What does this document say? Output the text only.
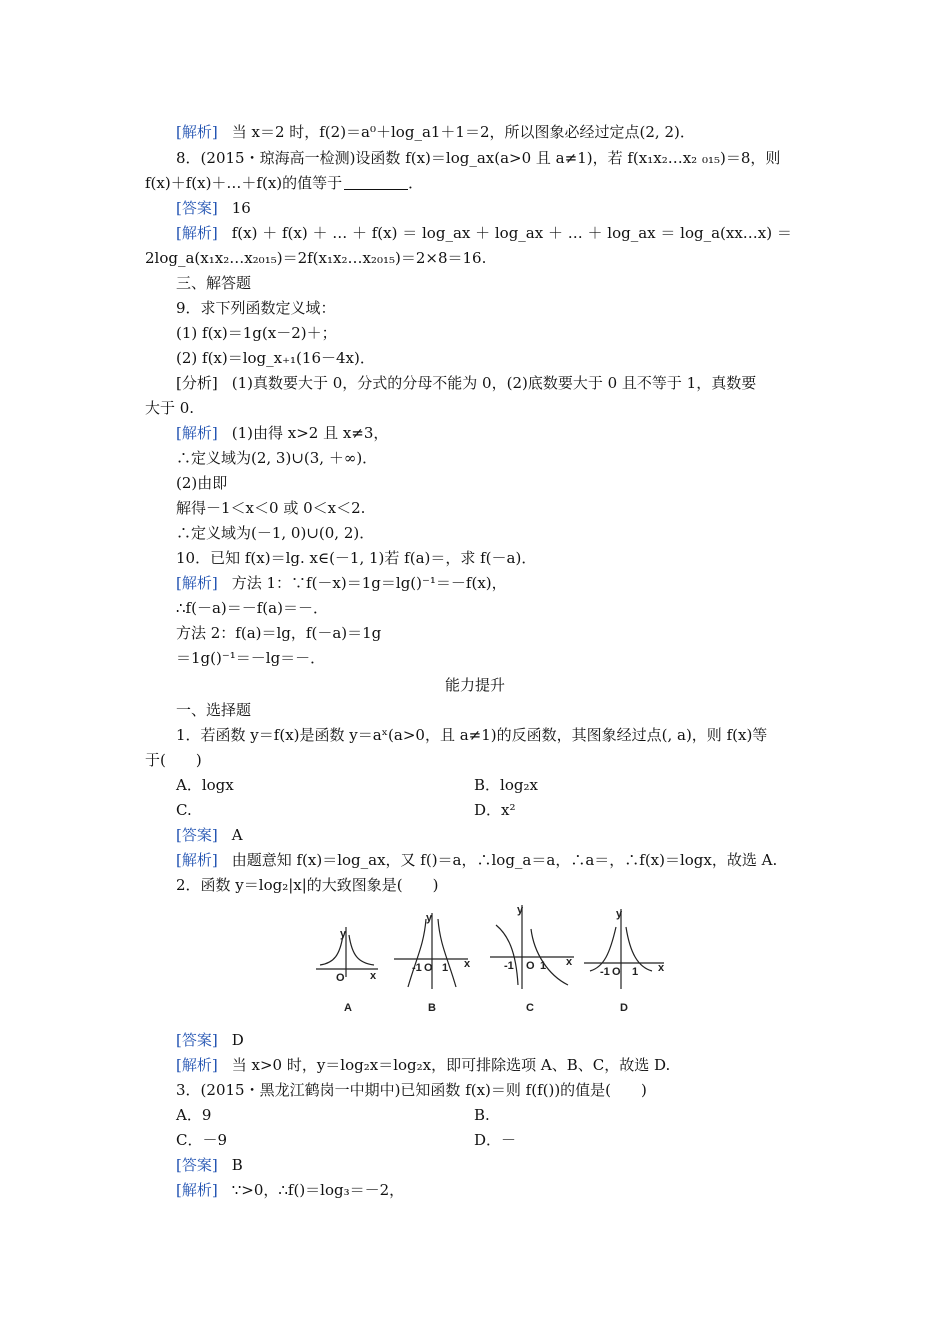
[解析] 当 x＝2 时，f(2)＝a⁰＋log_a1＋1＝2，所以图象必经过定点(2, 2)．
8．(2015・琼海高一检测)设函数 f(x)＝log_ax(a>0 且 a≠1)，若 f(x₁x₂…x₂ ₀₁₅)＝8，则
f(x)＋f(x)＋…＋f(x)的值等于	．
[答案] 16
[解析] f(x) ＋ f(x) ＋ … ＋ f(x) ＝ log_ax ＋ log_ax ＋ … ＋ log_ax ＝ log_a(xx…x) ＝
2log_a(x₁x₂…x₂₀₁₅)＝2f(x₁x₂…x₂₀₁₅)＝2×8＝16.
三、解答题
9．求下列函数定义域：
(1) f(x)＝1g(x－2)＋；
(2) f(x)＝log_x₊₁(16－4x)．
[分析] (1)真数要大于 0，分式的分母不能为 0，(2)底数要大于 0 且不等于 1，真数要
大于 0.
[解析] (1)由得 x>2 且 x≠3，
∴定义域为(2, 3)∪(3, ＋∞)．
(2)由即
解得－1＜x＜0 或 0＜x＜2.
∴定义域为(－1, 0)∪(0, 2)．
10．已知 f(x)＝lg. x∈(－1, 1)若 f(a)＝，求 f(－a)．
[解析] 方法 1：∵f(－x)＝1g＝lg()⁻¹＝－f(x)，
∴f(－a)＝－f(a)＝－．
方法 2：f(a)＝lg，f(－a)＝1g
＝1g()⁻¹＝－lg＝－．
能力提升
一、选择题
1．若函数 y＝f(x)是函数 y＝aˣ(a>0，且 a≠1)的反函数，其图象经过点(, a)，则 f(x)等
于(　　)
A．logx	B．log₂x
C.	D．x²
[答案] A
[解析] 由题意知 f(x)＝log_ax，又 f()＝a，∴log_a＝a，∴a＝，∴f(x)＝logx，故选 A.
2．函数 y＝log₂|x|的大致图象是(　　)
y
O x
y
-1 O 1 x
y
-1 O 1 x
y
-1 O 1 x
A	B	C	D
[答案] D
[解析] 当 x>0 时，y＝log₂x＝log₂x，即可排除选项 A、B、C，故选 D.
3．(2015・黑龙江鹤岗一中期中)已知函数 f(x)＝则 f(f())的值是(　　)
A．9	B.
C．－9	D．－
[答案] B
[解析] ∵>0，∴f()＝log₃＝－2，
